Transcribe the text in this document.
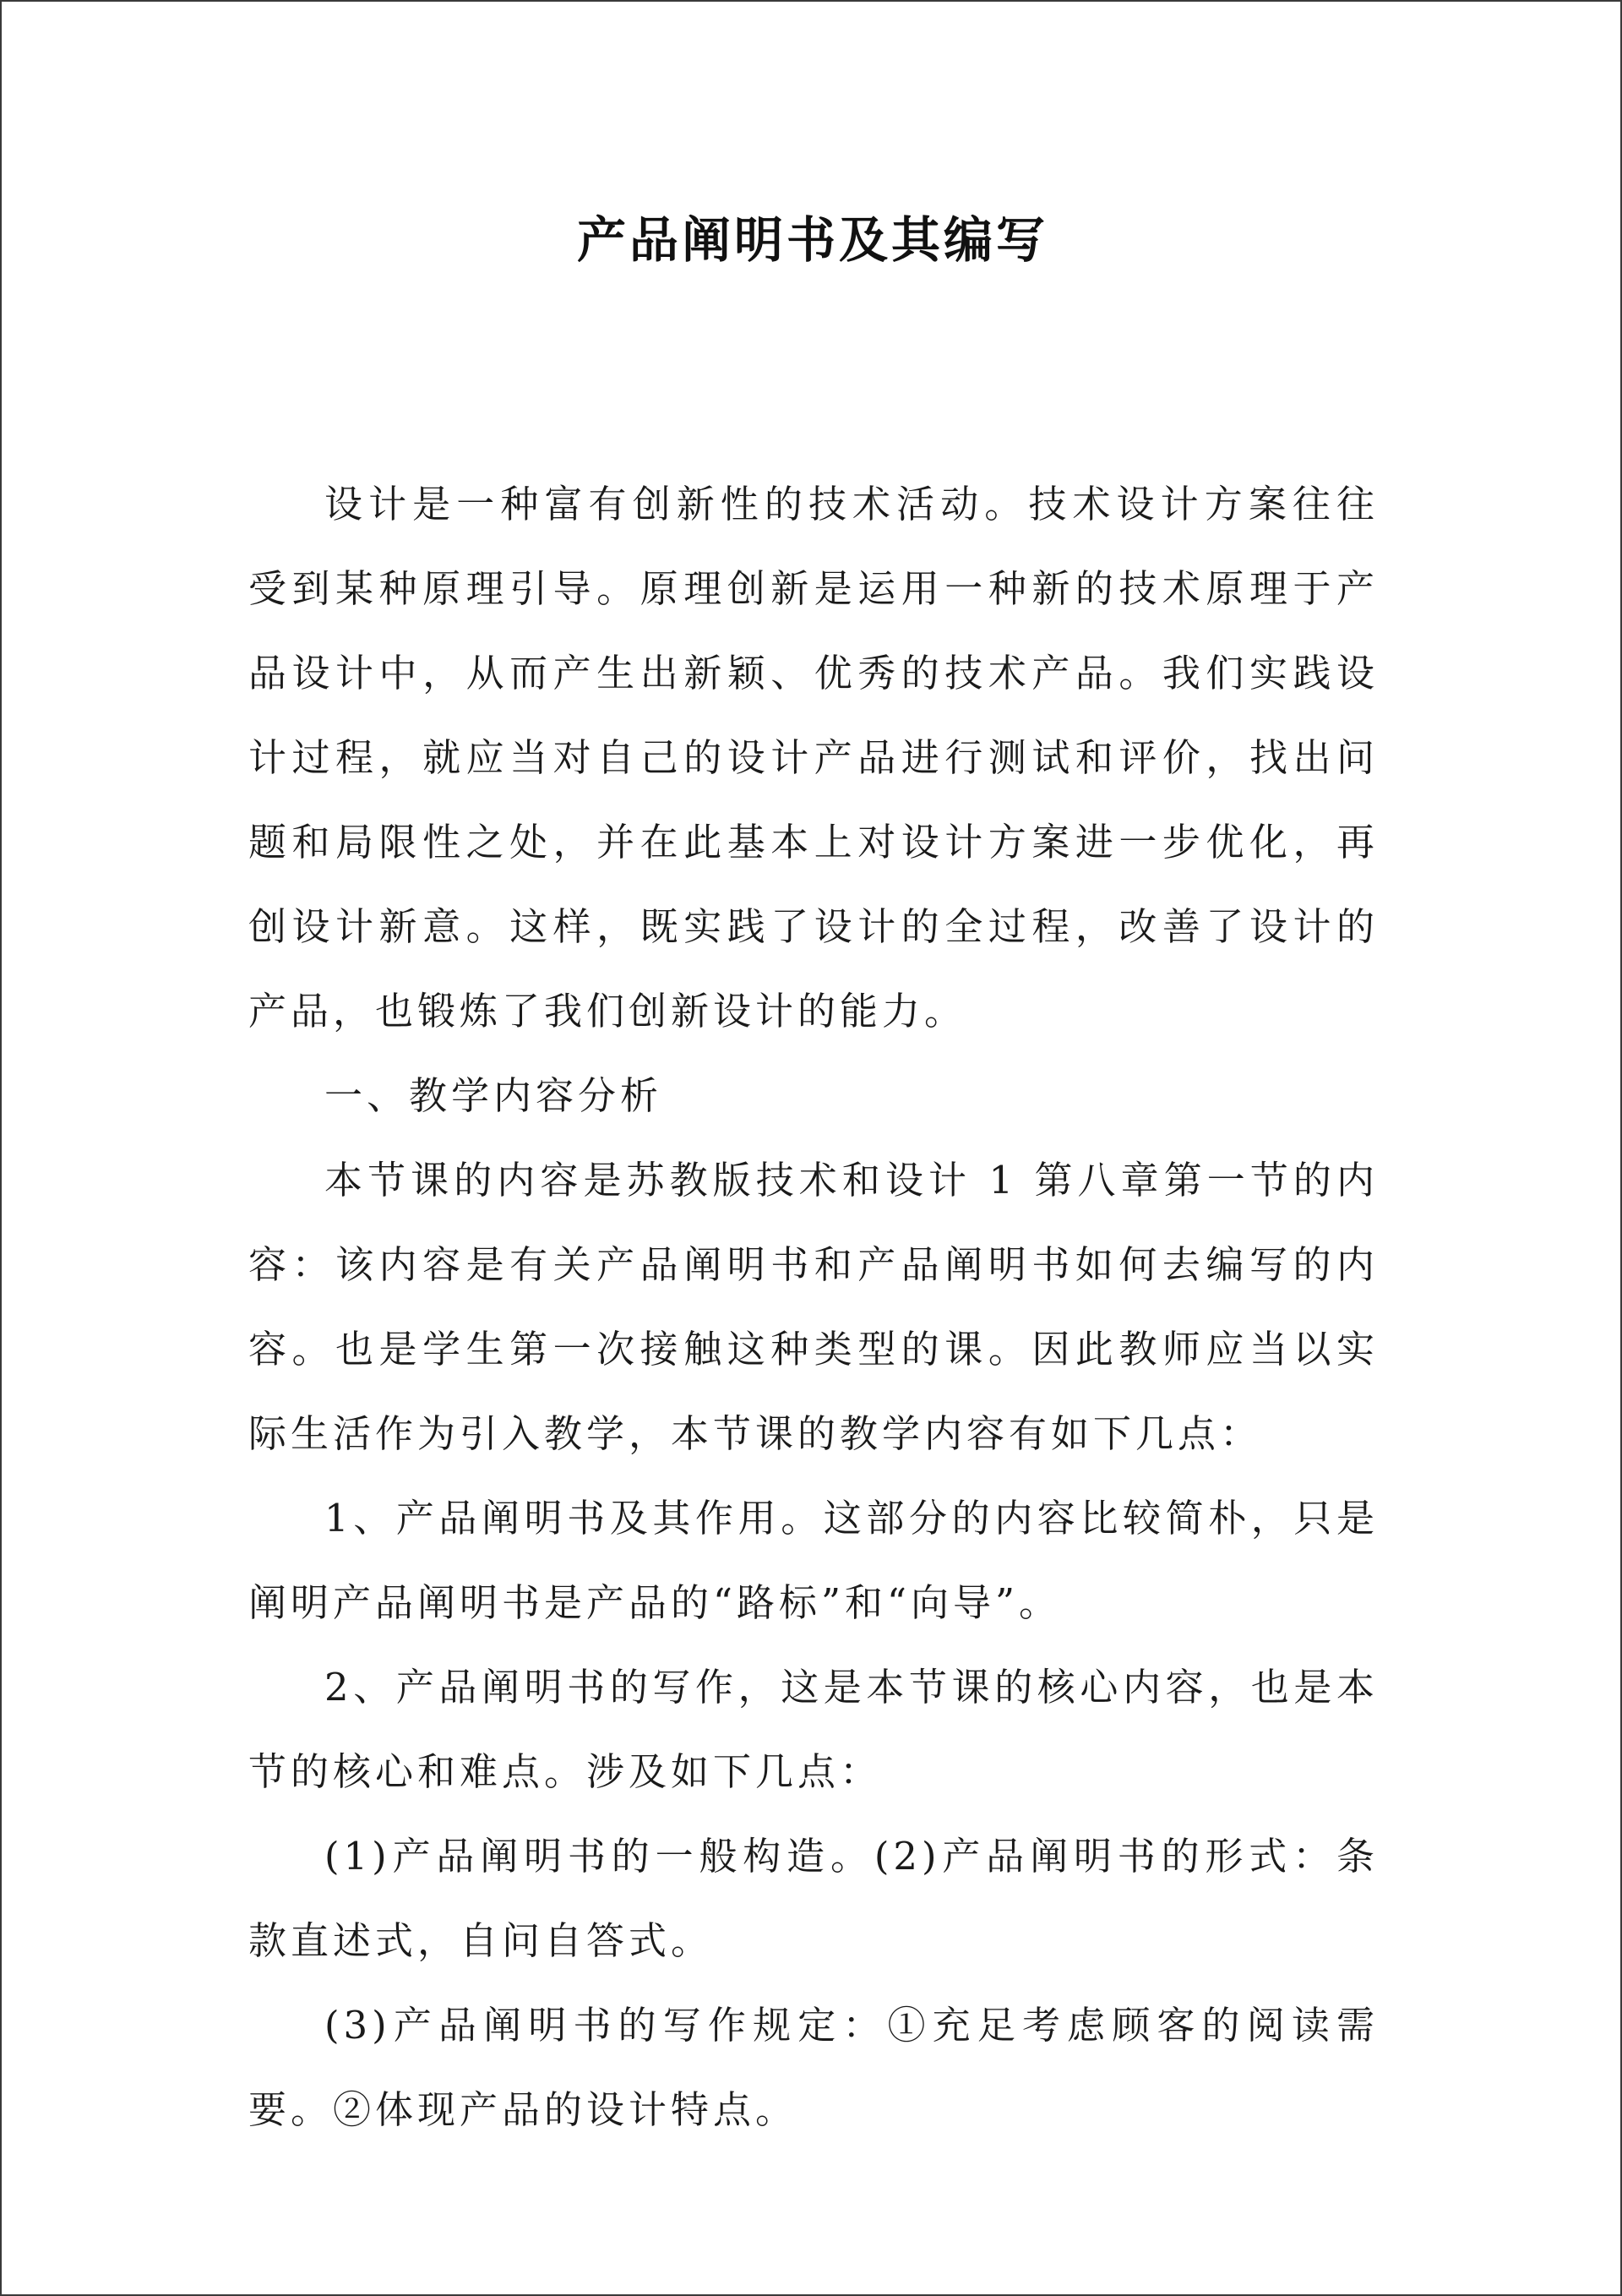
产品阐明书及其编写

设计是一种富有创新性的技术活动。技术设计方案往往受到某种原理引导。原理创新是运用一种新的技术原理于产品设计中，从而产生出新颖、优秀的技术产品。我们实践设计过程，就应当对自己的设计产品进行测试和评价，找出问题和局限性之处，并在此基本上对设计方案进一步优化，再创设计新意。这样，既实践了设计的全过程，改善了设计的产品，也锻炼了我们创新设计的能力。

一、教学内容分析

本节课的内容是苏教版技术和设计 1 第八章第一节的内容：该内容是有关产品阐明书和产品阐明书如何去编写的内容。也是学生第一次接触这种类型的课。因此教师应当以实际生活作为引入教学，本节课的教学内容有如下几点：

1、产品阐明书及其作用。这部分的内容比较简朴，只是阐明产品阐明书是产品的“路标”和“向导”。

2、产品阐明书的写作，这是本节课的核心内容，也是本节的核心和难点。涉及如下几点：

(1)产品阐明书的一般构造。(2)产品阐明书的形式：条款直述式，自问自答式。

(3)产品阐明书的写作规定：①充足考虑顾客的阅读需要。②体现产品的设计特点。
